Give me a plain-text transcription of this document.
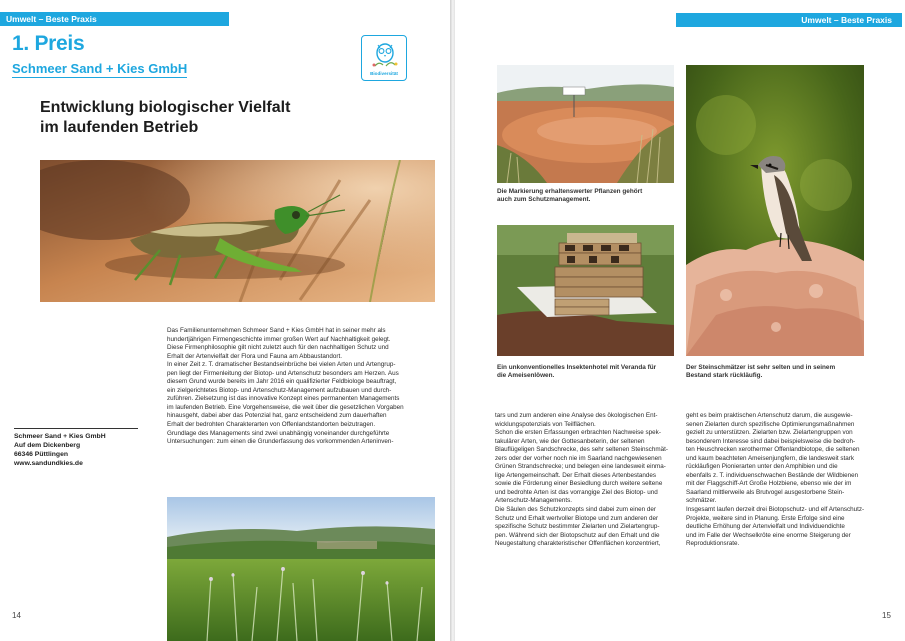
Umwelt – Beste Praxis
1. Preis
Schmeer Sand + Kies GmbH	Biodiversität
Entwicklung biologischer Vielfalt
im laufenden Betrieb
Das Familienunternehmen Schmeer Sand + Kies GmbH hat in seiner mehr als
hundertjährigen Firmengeschichte immer großen Wert auf Nachhaltigkeit gelegt.
Diese Firmenphilosophie gilt nicht zuletzt auch für den nachhaltigen Schutz und
Erhalt der Artenvielfalt der Flora und Fauna am Abbaustandort.
In einer Zeit z. T. dramatischer Bestandseinbrüche bei vielen Arten und Artengrup-
pen liegt der Firmenleitung der Biotop- und Artenschutz besonders am Herzen. Aus
diesem Grund wurde bereits im Jahr 2016 ein qualifizierter Feldbiologe beauftragt,
ein zielgerichtetes Biotop- und Artenschutz-Management aufzubauen und durch-
zuführen. Zielsetzung ist das innovative Konzept eines permanenten Managements
im laufenden Betrieb. Eine Vorgehensweise, die weit über die gesetzlichen Vorgaben
hinausgeht, dabei aber das Potenzial hat, ganz entscheidend zum dauerhaften
Erhalt der bedrohten Charakterarten von Offenlandstandorten beizutragen.
Grundlage des Managements sind zwei unabhängig voneinander durchgeführte
Untersuchungen: zum einen die Grunderfassung des vorkommenden Arteninven-
Schmeer Sand + Kies GmbH
Auf dem Dickenberg
66346 Püttlingen
www.sandundkies.de
14
Umwelt – Beste Praxis
Die Markierung erhaltenswerter Pflanzen gehört
auch zum Schutzmanagement.
Ein unkonventionelles Insektenhotel mit Veranda für
die Ameisenlöwen.
Der Steinschmätzer ist sehr selten und in seinem
Bestand stark rückläufig.
tars und zum anderen eine Analyse des ökologischen Ent-
wicklungspotenzials von Teilflächen.
Schon die ersten Erfassungen erbrachten Nachweise spek-
takulärer Arten, wie der Gottesanbeterin, der seltenen
Blauflügeligen Sandschrecke, des sehr seltenen Steinschmät-
zers oder der vorher noch nie im Saarland nachgewiesenen
Grünen Strandschrecke; und belegen eine landesweit einma-
lige Artengemeinschaft. Der Erhalt dieses Artenbestandes
sowie die Förderung einer Besiedlung durch weitere seltene
und bedrohte Arten ist das vorrangige Ziel des Biotop- und
Artenschutz-Managements.
Die Säulen des Schutzkonzepts sind dabei zum einen der
Schutz und Erhalt wertvoller Biotope und zum anderen der
spezifische Schutz bestimmter Zielarten und Zielartengrup-
pen. Während sich der Biotopschutz auf den Erhalt und die
Neugestaltung charakteristischer Offenflächen konzentriert,
geht es beim praktischen Artenschutz darum, die ausgewie-
senen Zielarten durch spezifische Optimierungsmaßnahmen
gezielt zu unterstützen. Zielarten bzw. Zielartengruppen von
besonderem Interesse sind dabei beispielsweise die bedroh-
ten Heuschrecken xerothermer Offenlandbiotope, die seltenen
und kaum beachteten Ameisenjungfern, die landesweit stark
rückläufigen Pionierarten unter den Amphibien und die
ebenfalls z. T. individuenschwachen Bestände der Wildbienen
mit der Flaggschiff-Art Große Holzbiene, ebenso wie der im
Saarland mittlerweile als Brutvogel ausgestorbene Stein-
schmätzer.
Insgesamt laufen derzeit drei Biotopschutz- und elf Artenschutz-
Projekte, weitere sind in Planung. Erste Erfolge sind eine
deutliche Erhöhung der Artenvielfalt und Individuendichte
und im Falle der Wechselkröte eine enorme Steigerung der
Reproduktionsrate.
15
